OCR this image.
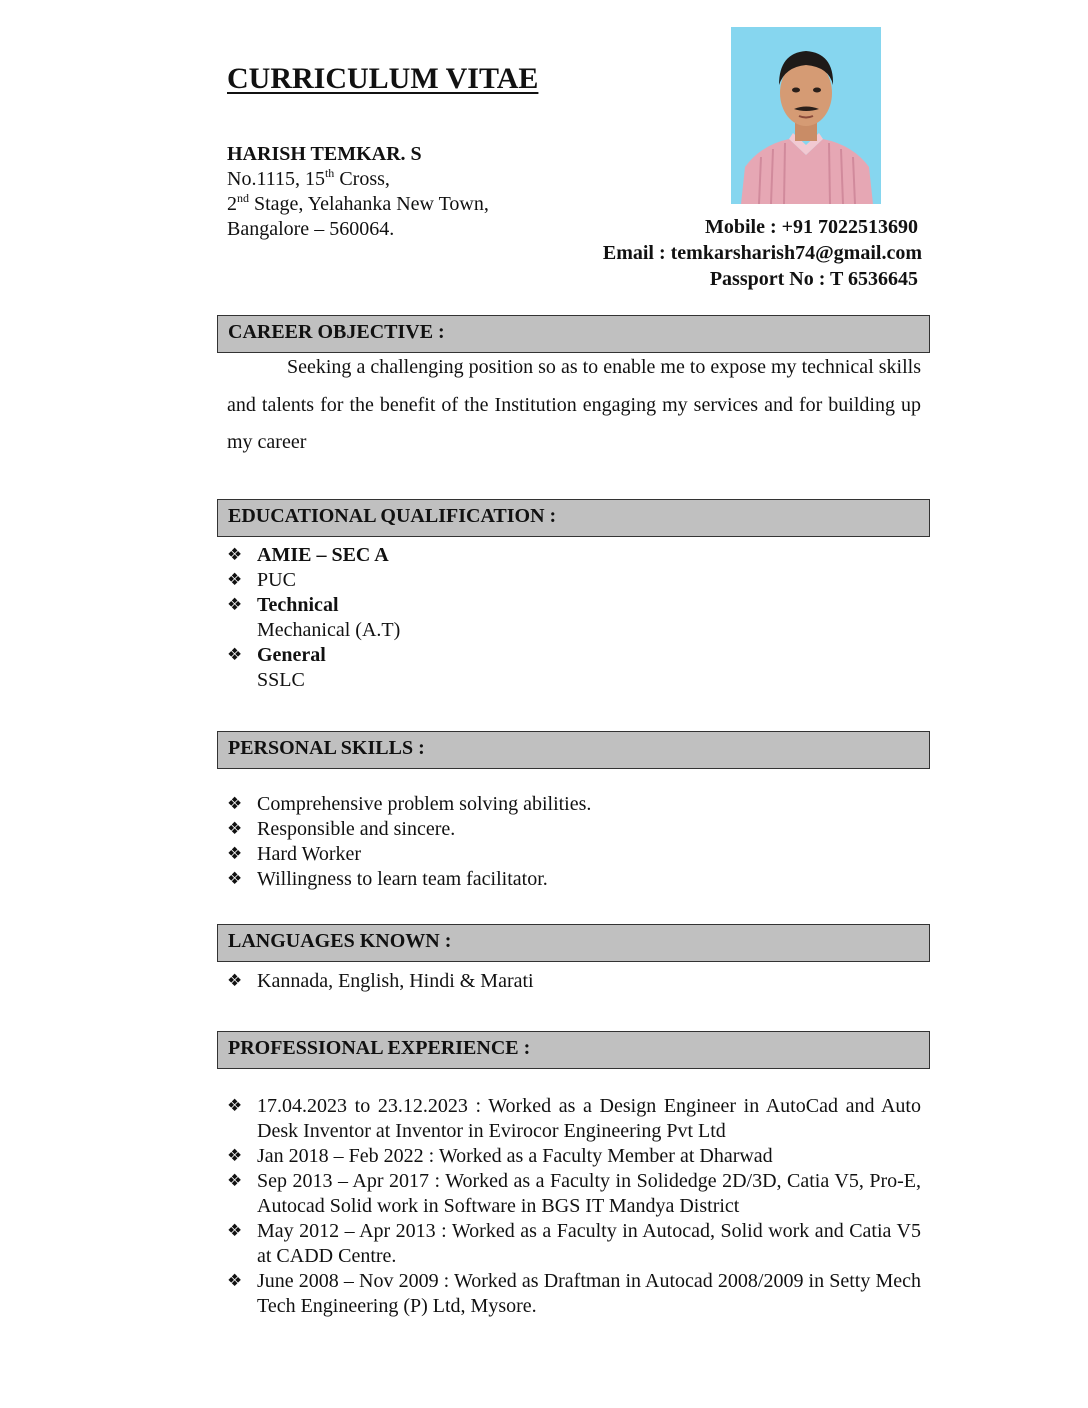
CURRICULUM VITAE
HARISH TEMKAR. S
No.1115, 15th Cross,
2nd Stage, Yelahanka New Town,
Bangalore – 560064.	Mobile : +91 7022513690
Email : temkarsharish74@gmail.com
Passport No : T 6536645
CAREER OBJECTIVE :
Seeking a challenging position so as to enable me to expose my technical skills and talents for the benefit of the Institution engaging my services and for building up my career
EDUCATIONAL QUALIFICATION :
❖ AMIE – SEC A
❖ PUC
❖ Technical
Mechanical (A.T)
❖ General
SSLC
PERSONAL SKILLS :
❖ Comprehensive problem solving abilities.
❖ Responsible and sincere.
❖ Hard Worker
❖ Willingness to learn team facilitator.
LANGUAGES KNOWN :
❖ Kannada, English, Hindi & Marati
PROFESSIONAL EXPERIENCE :
❖ 17.04.2023 to 23.12.2023 : Worked as a Design Engineer in AutoCad and Auto Desk Inventor at Inventor in Evirocor Engineering Pvt Ltd
❖ Jan 2018 – Feb 2022 : Worked as a Faculty Member at Dharwad
❖ Sep 2013 – Apr 2017 : Worked as a Faculty in Solidedge 2D/3D, Catia V5, Pro-E, Autocad Solid work in Software in BGS IT Mandya District
❖ May 2012 – Apr 2013 : Worked as a Faculty in Autocad, Solid work and Catia V5 at CADD Centre.
❖ June 2008 – Nov 2009 : Worked as Draftman in Autocad 2008/2009 in Setty Mech Tech Engineering (P) Ltd, Mysore.
